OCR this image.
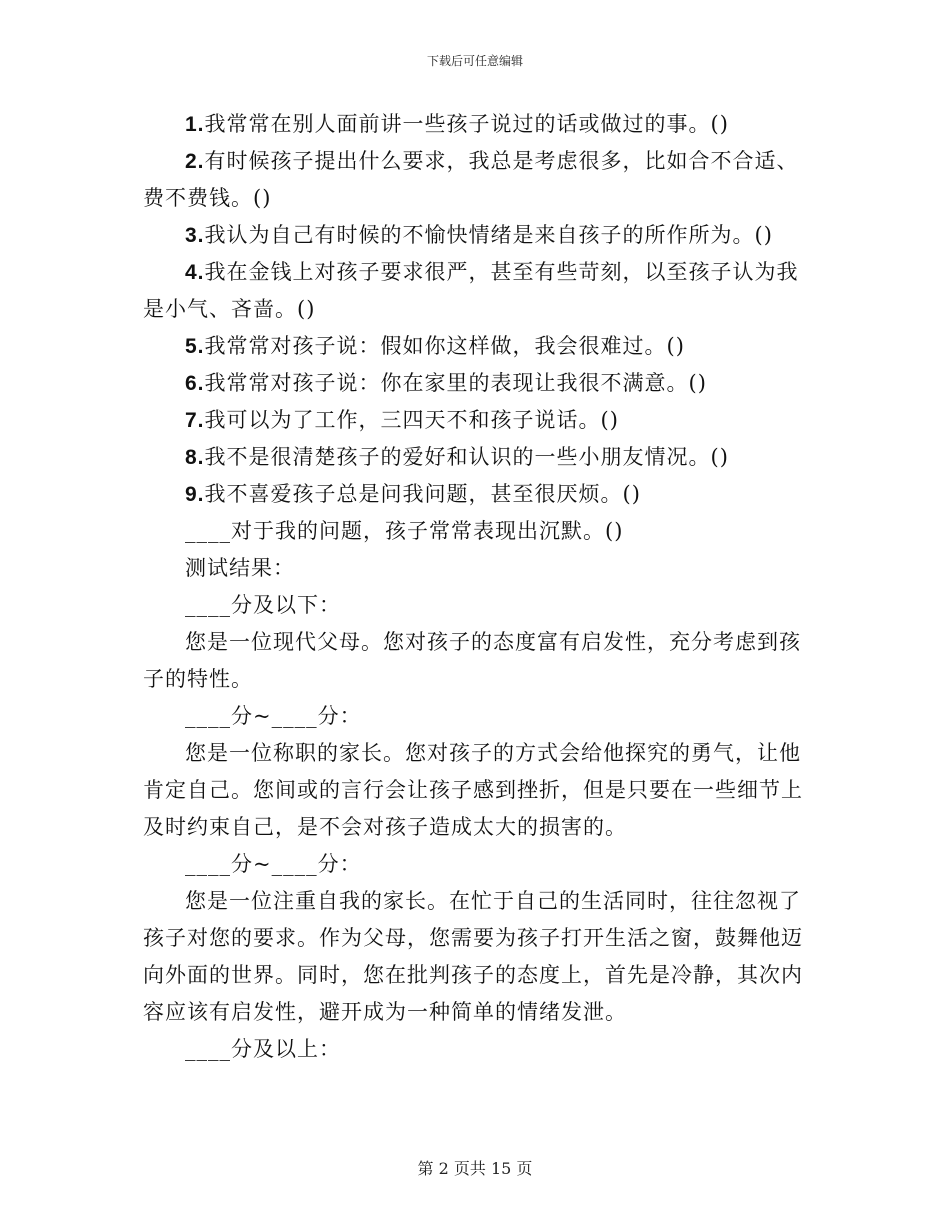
下载后可任意编辑

1.我常常在别人面前讲一些孩子说过的话或做过的事。()

2.有时候孩子提出什么要求，我总是考虑很多，比如合不合适、费不费钱。()

3.我认为自己有时候的不愉快情绪是来自孩子的所作所为。()

4.我在金钱上对孩子要求很严，甚至有些苛刻，以至孩子认为我是小气、吝啬。()

5.我常常对孩子说：假如你这样做，我会很难过。()

6.我常常对孩子说：你在家里的表现让我很不满意。()

7.我可以为了工作，三四天不和孩子说话。()

8.我不是很清楚孩子的爱好和认识的一些小朋友情况。()

9.我不喜爱孩子总是问我问题，甚至很厌烦。()

____对于我的问题，孩子常常表现出沉默。()

测试结果：

____分及以下：

您是一位现代父母。您对孩子的态度富有启发性，充分考虑到孩子的特性。

____分~____分：

您是一位称职的家长。您对孩子的方式会给他探究的勇气，让他肯定自己。您间或的言行会让孩子感到挫折，但是只要在一些细节上及时约束自己，是不会对孩子造成太大的损害的。

____分~____分：

您是一位注重自我的家长。在忙于自己的生活同时，往往忽视了孩子对您的要求。作为父母，您需要为孩子打开生活之窗，鼓舞他迈向外面的世界。同时，您在批判孩子的态度上，首先是冷静，其次内容应该有启发性，避开成为一种简单的情绪发泄。

____分及以上：

第 2 页共 15 页
